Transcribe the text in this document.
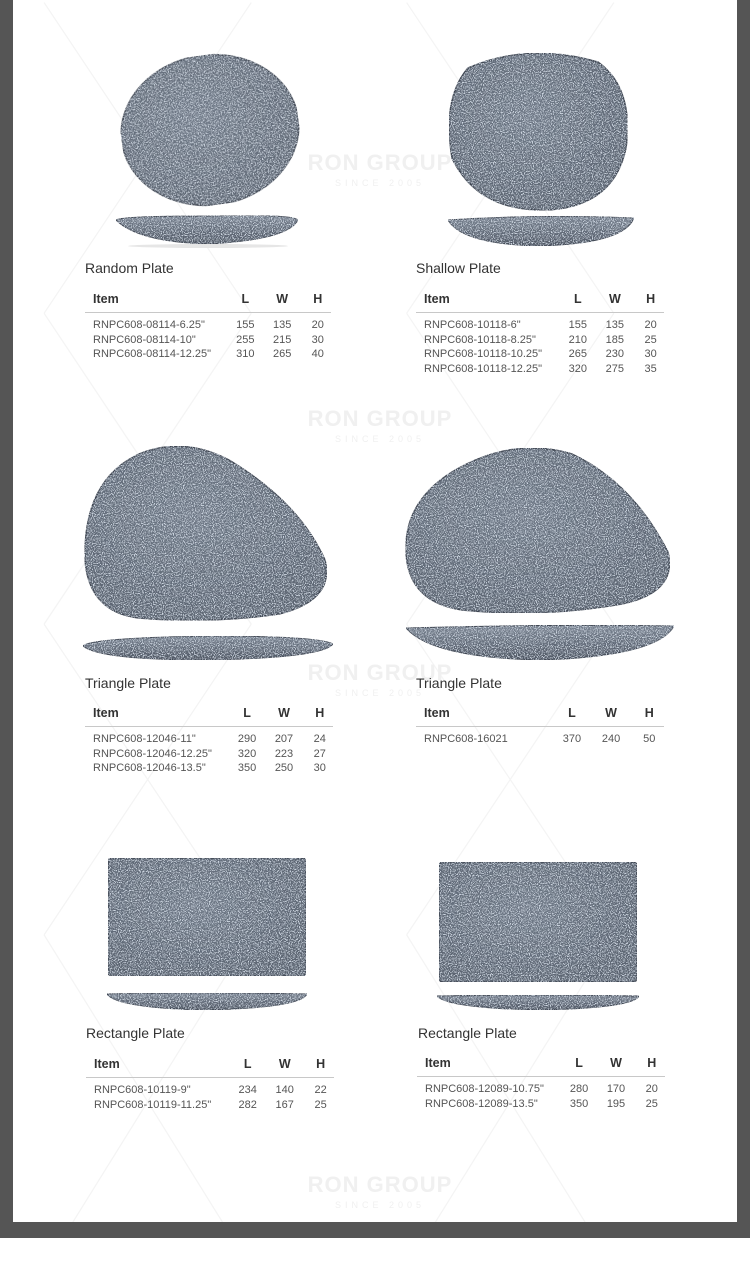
RON GROUP
SINCE 2005
RON GROUP
SINCE 2005
RON GROUP
SINCE 2005
RON GROUP
SINCE 2005
Random Plate
Item	L	W	H
RNPC608-08114-6.25"	155	135	20
RNPC608-08114-10"	255	215	30
RNPC608-08114-12.25"	310	265	40
Shallow Plate
Item	L	W	H
RNPC608-10118-6"	155	135	20
RNPC608-10118-8.25"	210	185	25
RNPC608-10118-10.25"	265	230	30
RNPC608-10118-12.25"	320	275	35
Triangle Plate
Item	L	W	H
RNPC608-12046-11"	290	207	24
RNPC608-12046-12.25"	320	223	27
RNPC608-12046-13.5"	350	250	30
Triangle Plate
Item	L	W	H
RNPC608-16021	370	240	50
Rectangle Plate
Item	L	W	H
RNPC608-10119-9"	234	140	22
RNPC608-10119-11.25"	282	167	25
Rectangle Plate
Item	L	W	H
RNPC608-12089-10.75"	280	170	20
RNPC608-12089-13.5"	350	195	25
